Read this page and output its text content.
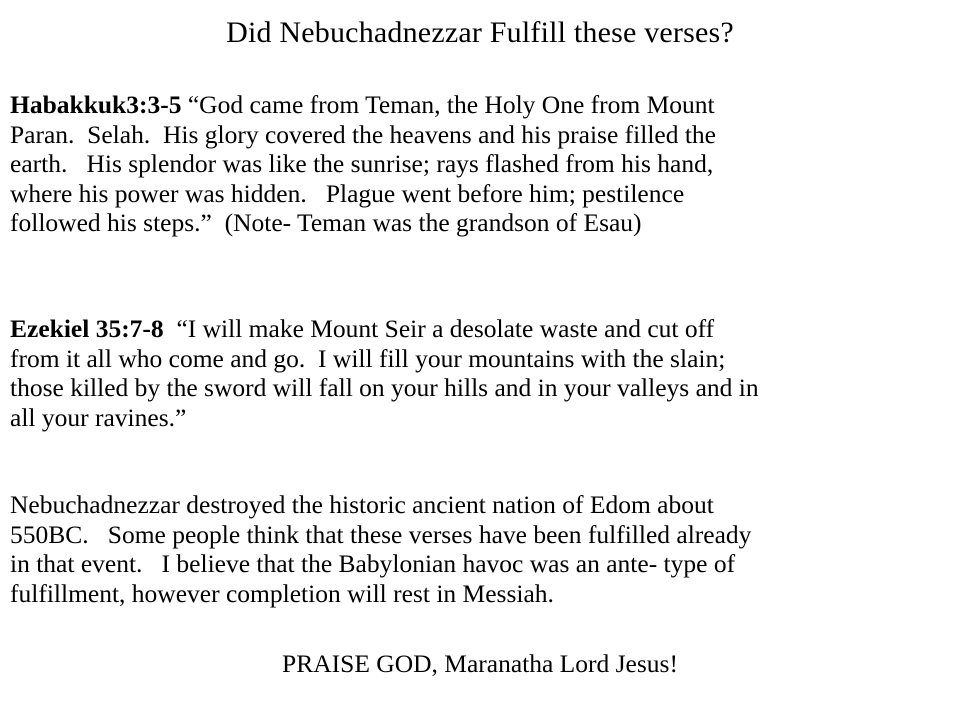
Did Nebuchadnezzar Fulfill these verses?
Habakkuk3:3-5 “God came from Teman, the Holy One from Mount
Paran.  Selah.  His glory covered the heavens and his praise filled the
earth.   His splendor was like the sunrise; rays flashed from his hand,
where his power was hidden.   Plague went before him; pestilence
followed his steps.”  (Note- Teman was the grandson of Esau)
Ezekiel 35:7-8  “I will make Mount Seir a desolate waste and cut off
from it all who come and go.  I will fill your mountains with the slain;
those killed by the sword will fall on your hills and in your valleys and in
all your ravines.”
Nebuchadnezzar destroyed the historic ancient nation of Edom about
550BC.   Some people think that these verses have been fulfilled already
in that event.   I believe that the Babylonian havoc was an ante- type of
fulfillment, however completion will rest in Messiah.
PRAISE GOD, Maranatha Lord Jesus!
